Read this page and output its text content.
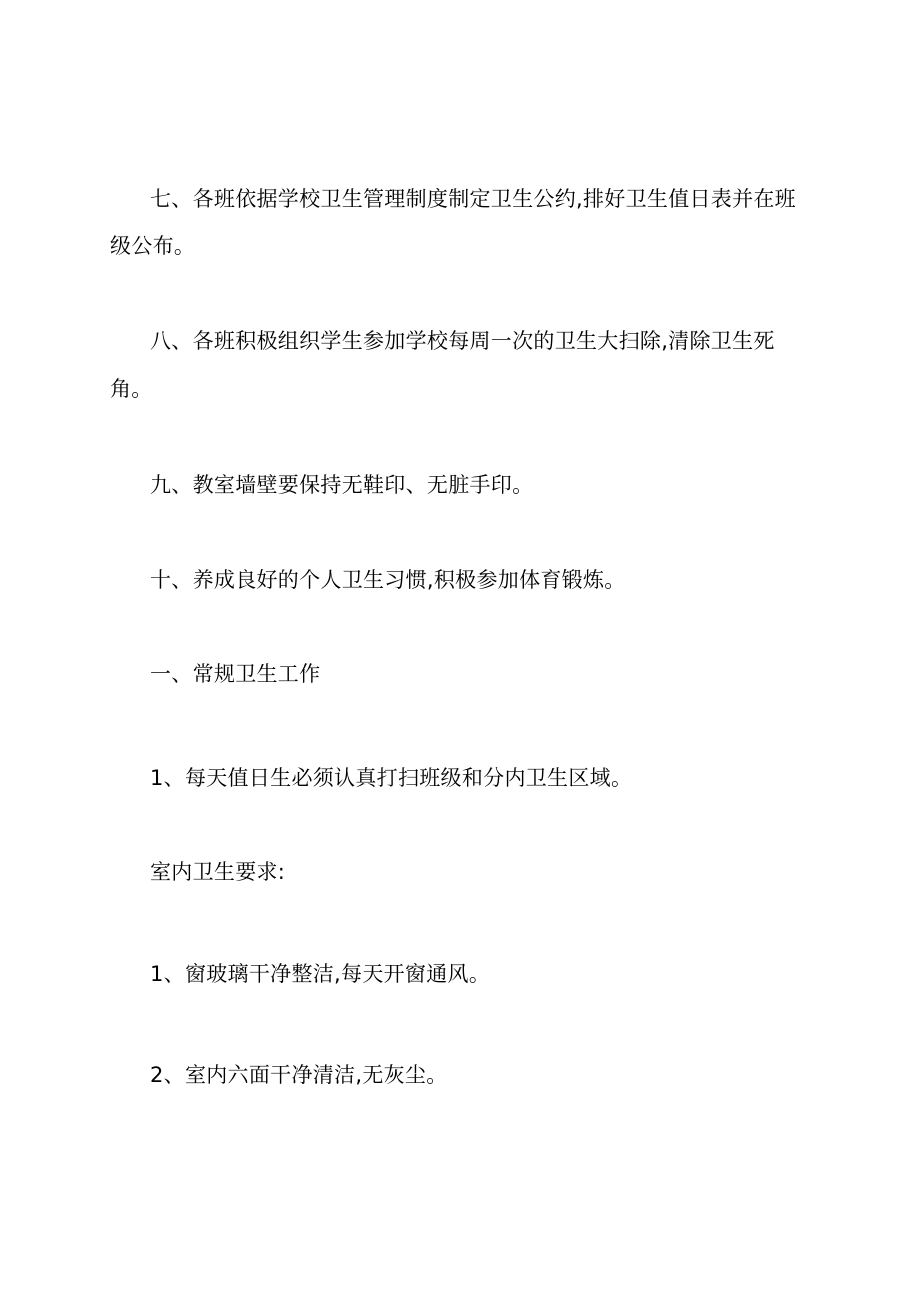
七、各班依据学校卫生管理制度制定卫生公约,排好卫生值日表并在班

级公布。

八、各班积极组织学生参加学校每周一次的卫生大扫除,清除卫生死

角。

九、教室墙壁要保持无鞋印、无脏手印。

十、养成良好的个人卫生习惯,积极参加体育锻炼。

一、常规卫生工作

1、每天值日生必须认真打扫班级和分内卫生区域。

室内卫生要求:

1、窗玻璃干净整洁,每天开窗通风。

2、室内六面干净清洁,无灰尘。
